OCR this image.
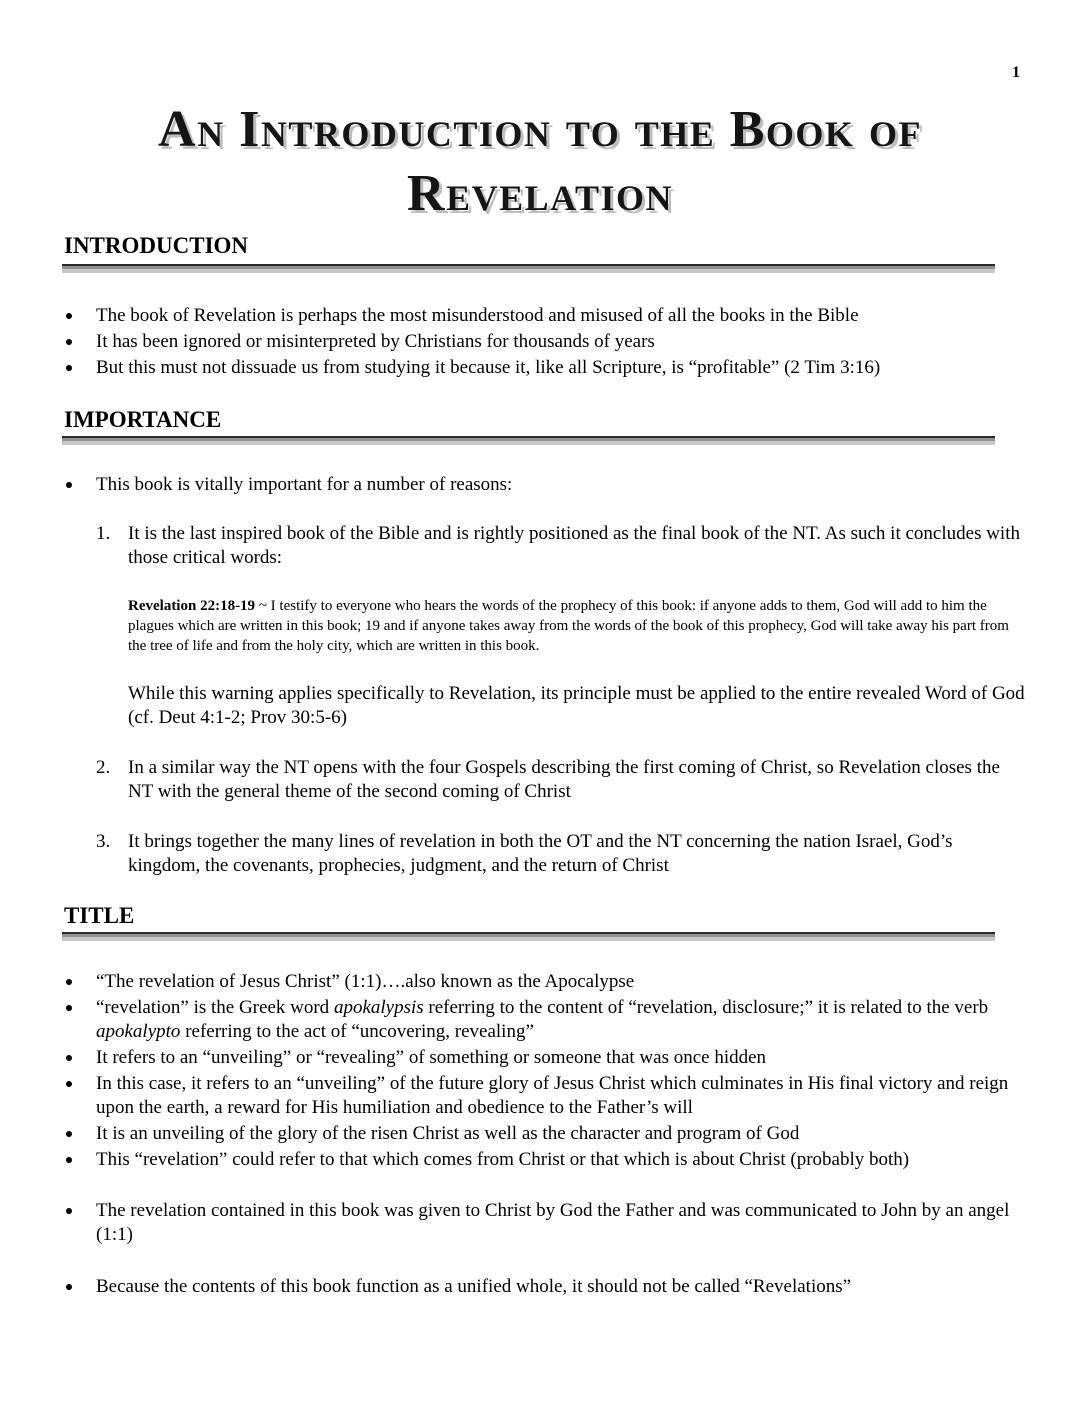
1
An Introduction to the Book of
Revelation
INTRODUCTION
The book of Revelation is perhaps the most misunderstood and misused of all the books in the Bible
It has been ignored or misinterpreted by Christians for thousands of years
But this must not dissuade us from studying it because it, like all Scripture, is “profitable” (2 Tim 3:16)
IMPORTANCE
This book is vitally important for a number of reasons:
1. It is the last inspired book of the Bible and is rightly positioned as the final book of the NT. As such it concludes with those critical words:

Revelation 22:18-19 ~ I testify to everyone who hears the words of the prophecy of this book: if anyone adds to them, God will add to him the plagues which are written in this book; 19 and if anyone takes away from the words of the book of this prophecy, God will take away his part from the tree of life and from the holy city, which are written in this book.

While this warning applies specifically to Revelation, its principle must be applied to the entire revealed Word of God (cf. Deut 4:1-2; Prov 30:5-6)

2. In a similar way the NT opens with the four Gospels describing the first coming of Christ, so Revelation closes the NT with the general theme of the second coming of Christ
3. It brings together the many lines of revelation in both the OT and the NT concerning the nation Israel, God’s kingdom, the covenants, prophecies, judgment, and the return of Christ
TITLE
“The revelation of Jesus Christ” (1:1)….also known as the Apocalypse
“revelation” is the Greek word apokalypsis referring to the content of “revelation, disclosure;” it is related to the verb apokalypto referring to the act of “uncovering, revealing”
It refers to an “unveiling” or “revealing” of something or someone that was once hidden
In this case, it refers to an “unveiling” of the future glory of Jesus Christ which culminates in His final victory and reign upon the earth, a reward for His humiliation and obedience to the Father’s will
It is an unveiling of the glory of the risen Christ as well as the character and program of God
This “revelation” could refer to that which comes from Christ or that which is about Christ (probably both)
The revelation contained in this book was given to Christ by God the Father and was communicated to John by an angel (1:1)
Because the contents of this book function as a unified whole, it should not be called “Revelations”
